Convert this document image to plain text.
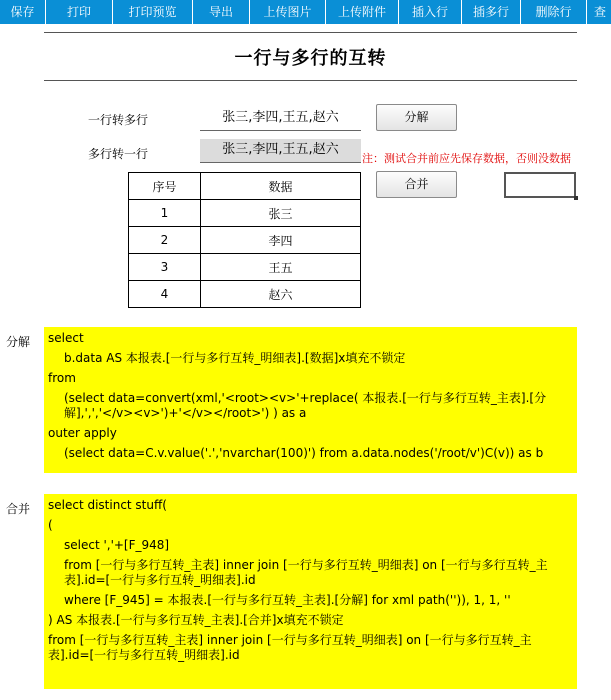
保存	打印	打印预览	导出	上传图片	上传附件	插入行	插多行	删除行	查
一行与多行的互转
一行转多行	张三,李四,王五,赵六	分解
多行转一行	张三,李四,王五,赵六
注：测试合并前应先保存数据，否则没数据
合并
序号	数据
1	张三
2	李四
3	王五
4	赵六
分解 select
b.data AS 本报表.[一行与多行互转_明细表].[数据]x填充不锁定
from
(select data=convert(xml,'<root><v>'+replace( 本报表.[一行与多行互转_主表].[分解],',','</v><v>')+'</v></root>') ) as a
outer apply
(select data=C.v.value('.','nvarchar(100)') from a.data.nodes('/root/v')C(v)) as b
合并 select distinct stuff(
(
select ','+[F_948]
from [一行与多行互转_主表] inner join [一行与多行互转_明细表] on [一行与多行互转_主表].id=[一行与多行互转_明细表].id
where [F_945] = 本报表.[一行与多行互转_主表].[分解] for xml path('')), 1, 1, ''
) AS 本报表.[一行与多行互转_主表].[合并]x填充不锁定
from [一行与多行互转_主表] inner join [一行与多行互转_明细表] on [一行与多行互转_主表].id=[一行与多行互转_明细表].id
